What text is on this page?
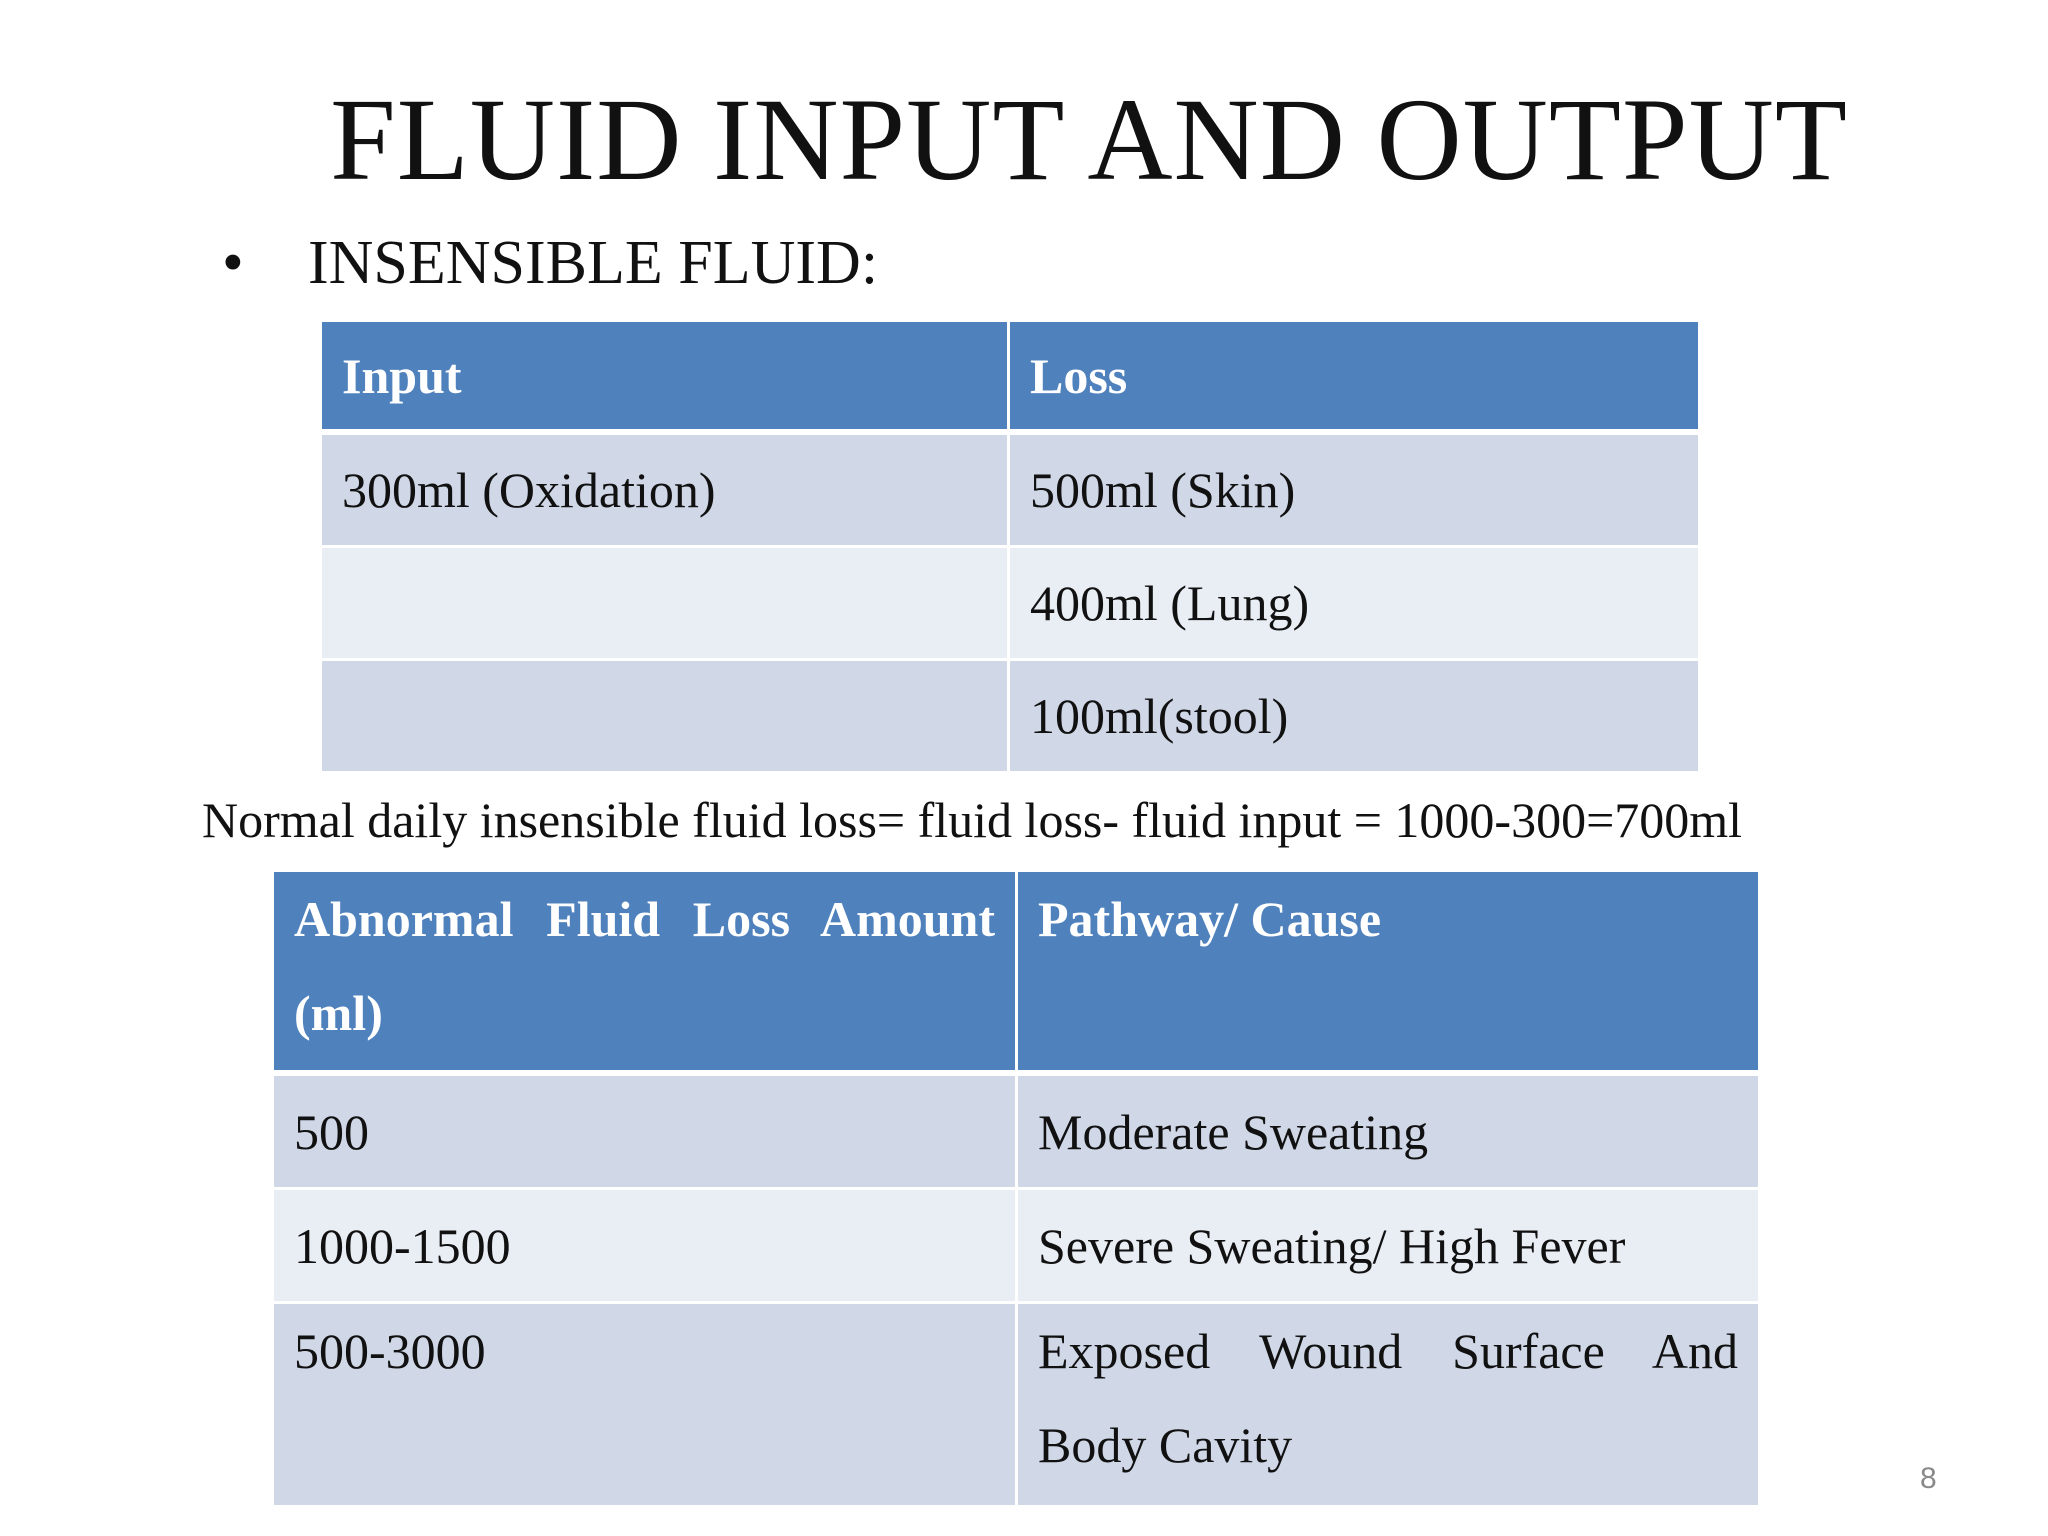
FLUID INPUT AND OUTPUT
• INSENSIBLE FLUID:
Input	Loss
300ml (Oxidation)	500ml (Skin)
	400ml (Lung)
	100ml(stool)
Normal daily insensible fluid loss= fluid loss- fluid input = 1000-300=700ml
Abnormal Fluid Loss Amount (ml)	Pathway/ Cause
500	Moderate Sweating
1000-1500	Severe Sweating/ High Fever
500-3000	Exposed Wound Surface And Body Cavity
8
